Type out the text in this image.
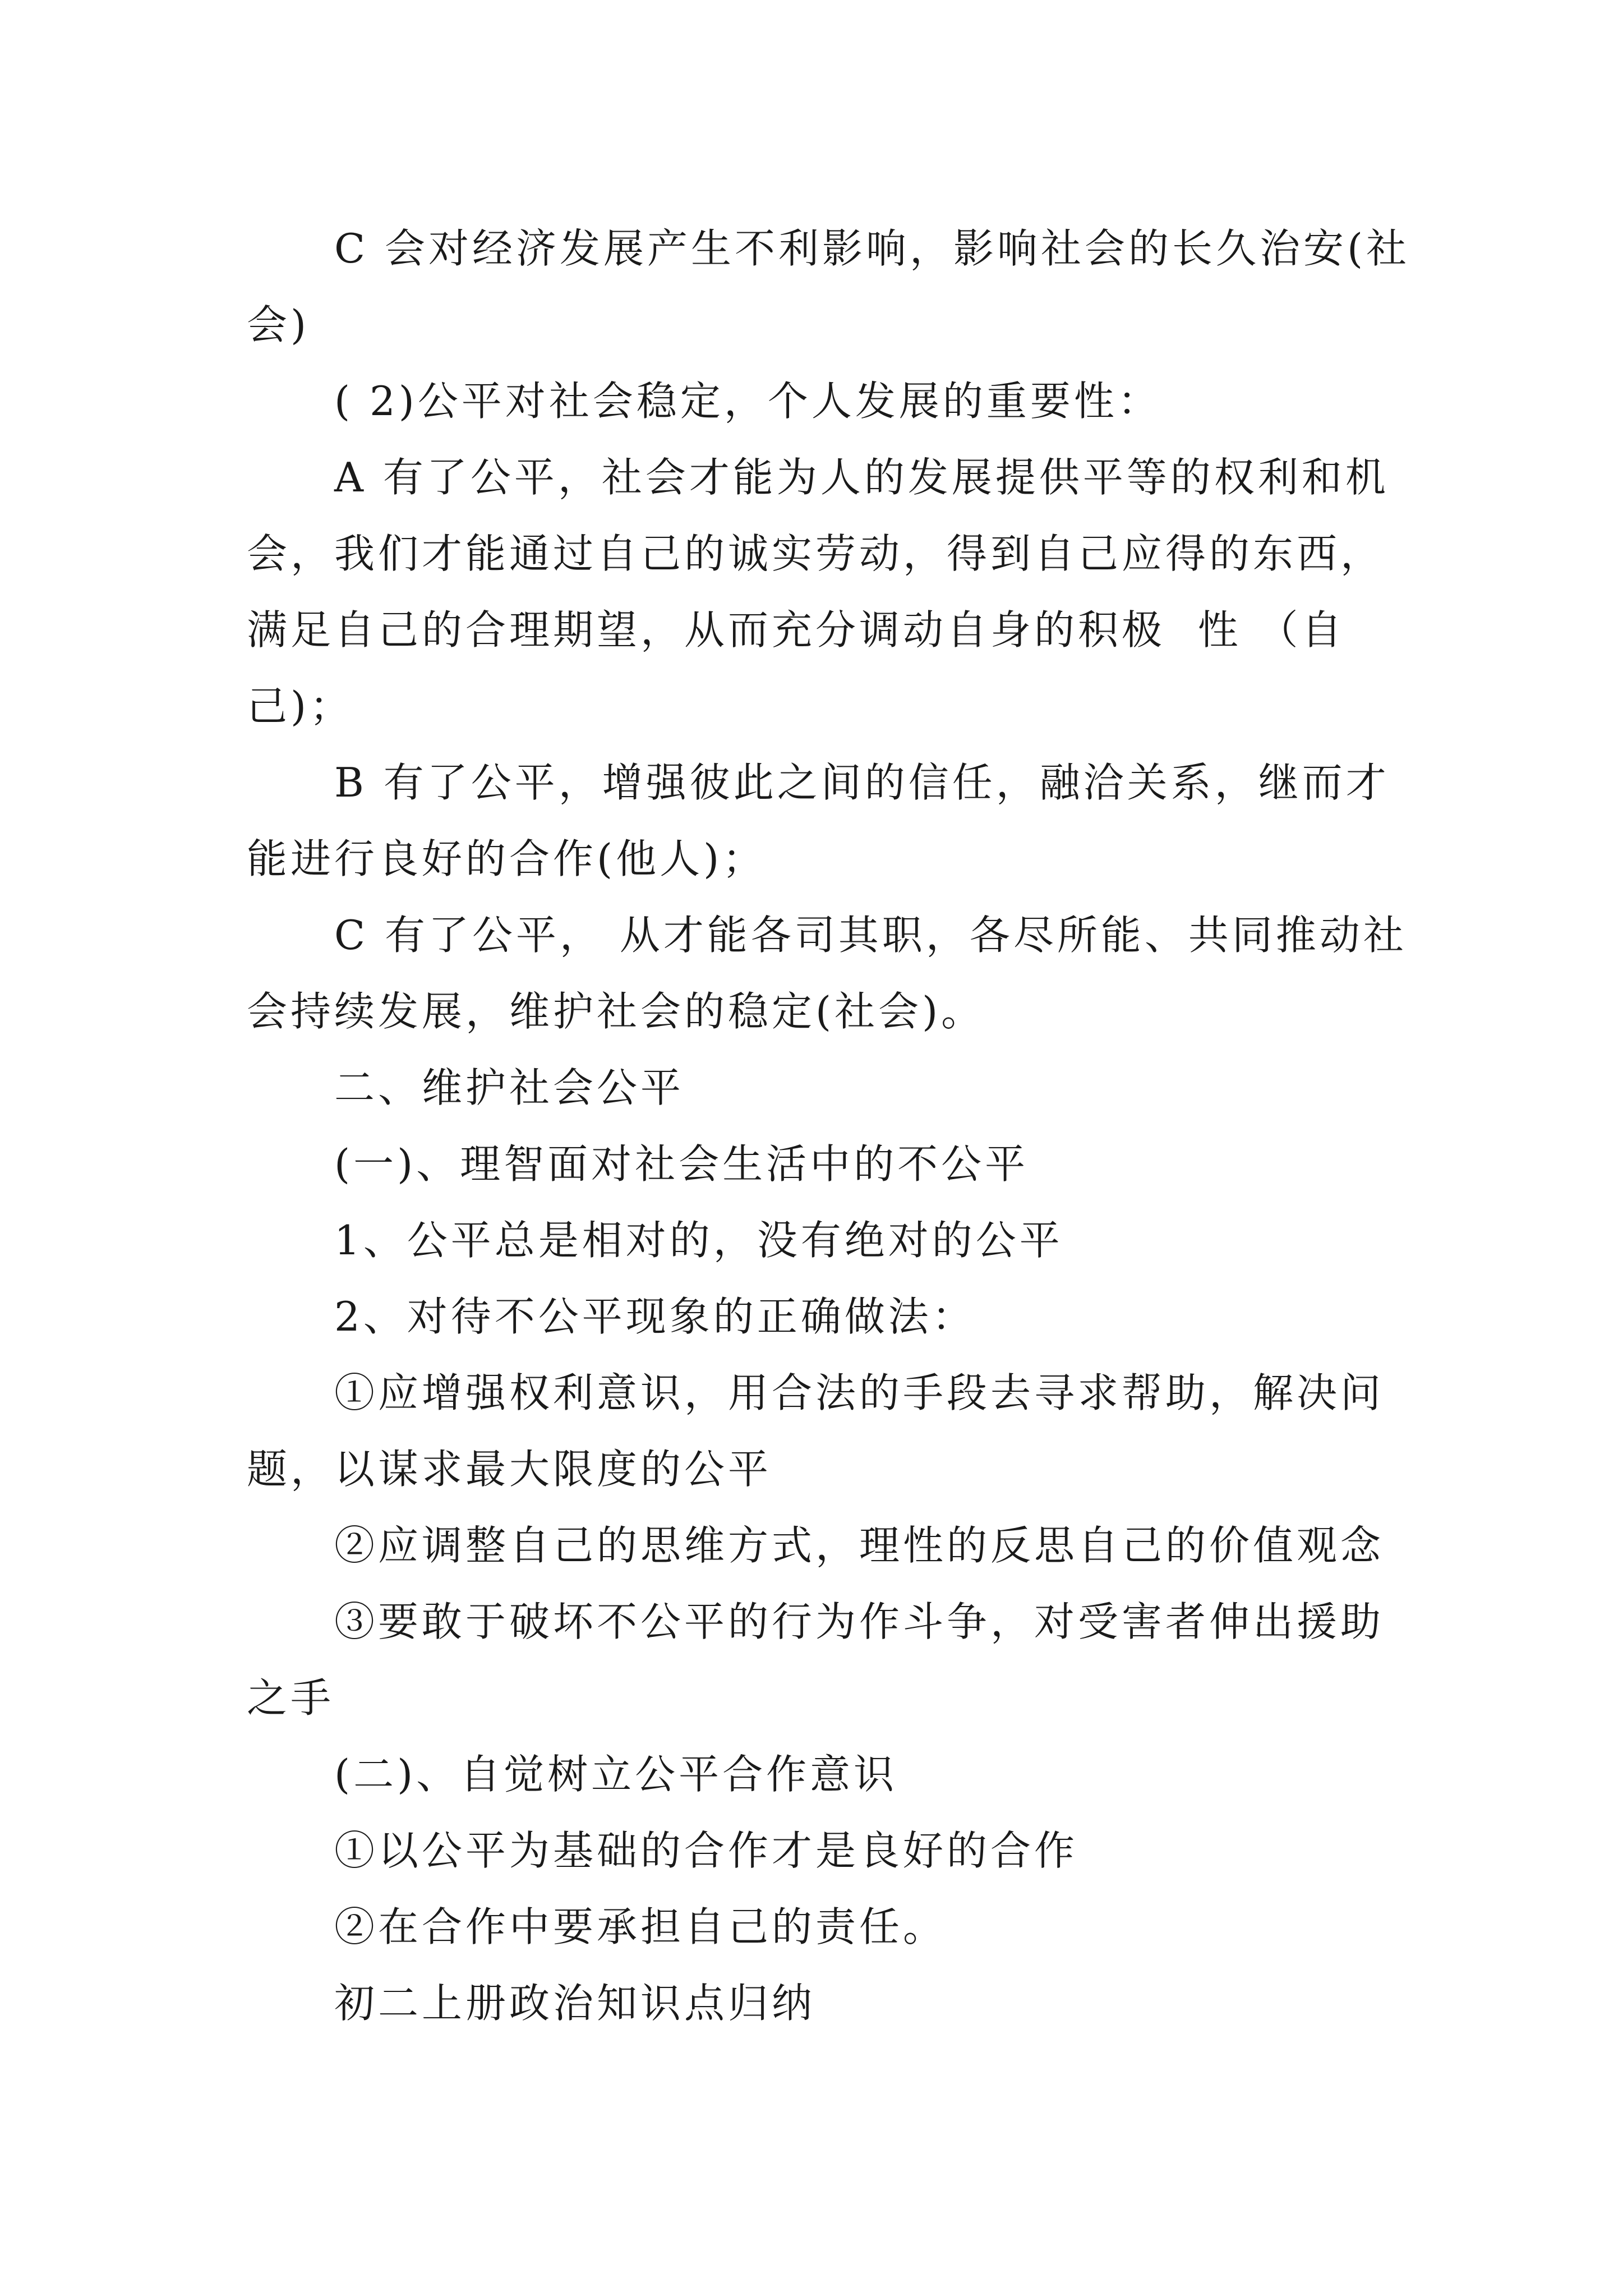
C 会对经济发展产生不利影响，影响社会的长久治安(社
会)
( 2)公平对社会稳定，个人发展的重要性：
A 有了公平，社会才能为人的发展提供平等的权利和机
会，我们才能通过自己的诚实劳动，得到自己应得的东西，
满足自己的合理期望，从而充分调动自身的积极  性 （自
己)；
B 有了公平，增强彼此之间的信任，融洽关系，继而才
能进行良好的合作(他人)；
C 有了公平， 从才能各司其职，各尽所能、共同推动社
会持续发展，维护社会的稳定(社会)。
二、维护社会公平
(一)、理智面对社会生活中的不公平
1、公平总是相对的，没有绝对的公平
2、对待不公平现象的正确做法：
①应增强权利意识，用合法的手段去寻求帮助，解决问
题，以谋求最大限度的公平
②应调整自己的思维方式，理性的反思自己的价值观念
③要敢于破坏不公平的行为作斗争，对受害者伸出援助
之手
(二)、自觉树立公平合作意识
①以公平为基础的合作才是良好的合作
②在合作中要承担自己的责任。
初二上册政治知识点归纳
